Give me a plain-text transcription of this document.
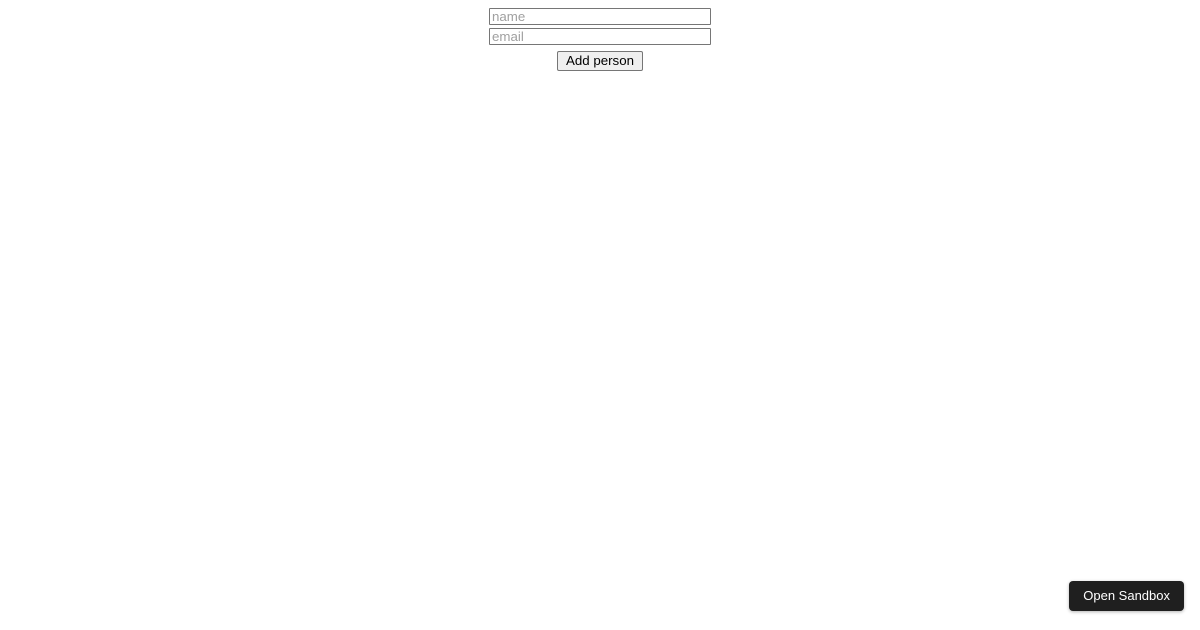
name
email
Add person
Open Sandbox
